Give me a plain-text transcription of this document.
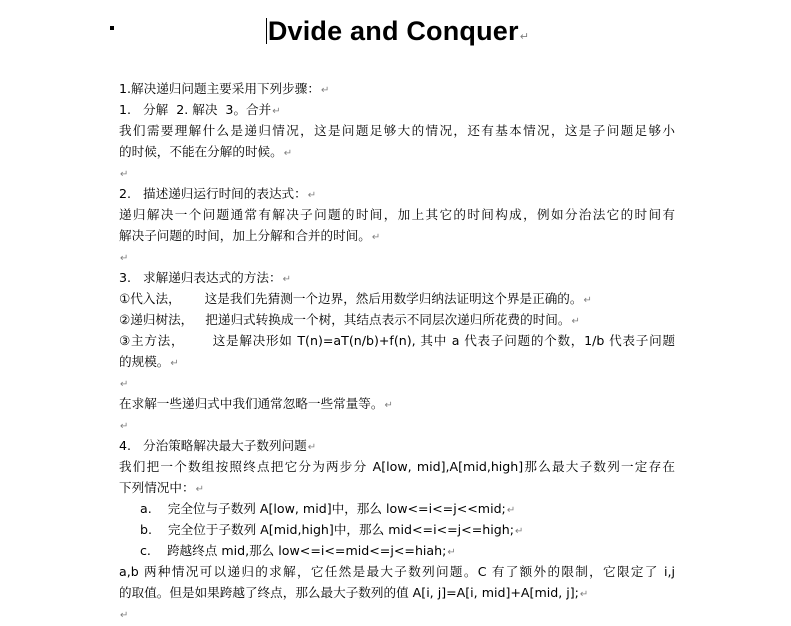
Dvide and Conquer↵
1.解决递归问题主要采用下列步骤：↵
1.   分解  2. 解决  3。合并↵
我们需要理解什么是递归情况，这是问题足够大的情况，还有基本情况，这是子问题足够小
的时候，不能在分解的时候。↵
↵
2.   描述递归运行时间的表达式：↵
递归解决一个问题通常有解决子问题的时间，加上其它的时间构成，例如分治法它的时间有
解决子问题的时间，加上分解和合并的时间。↵
↵
3.   求解递归表达式的方法：↵
①代入法，      这是我们先猜测一个边界，然后用数学归纳法证明这个界是正确的。↵
②递归树法，   把递归式转换成一个树，其结点表示不同层次递归所花费的时间。↵
③主方法，      这是解决形如 T(n)=aT(n/b)+f(n), 其中 a 代表子问题的个数，1/b 代表子问题
的规模。↵
↵
在求解一些递归式中我们通常忽略一些常量等。↵
↵
4.   分治策略解决最大子数列问题↵
我们把一个数组按照终点把它分为两步分 A[low, mid],A[mid,high]那么最大子数列一定存在
下列情况中：↵
a.    完全位与子数列 A[low, mid]中，那么 low<=i<=j<<mid;↵
b.    完全位于子数列 A[mid,high]中，那么 mid<=i<=j<=high;↵
c.    跨越终点 mid,那么 low<=i<=mid<=j<=hiah;↵
a,b 两种情况可以递归的求解，它任然是最大子数列问题。C 有了额外的限制，它限定了 i,j
的取值。但是如果跨越了终点，那么最大子数列的值 A[i, j]=A[i, mid]+A[mid, j];↵
↵
